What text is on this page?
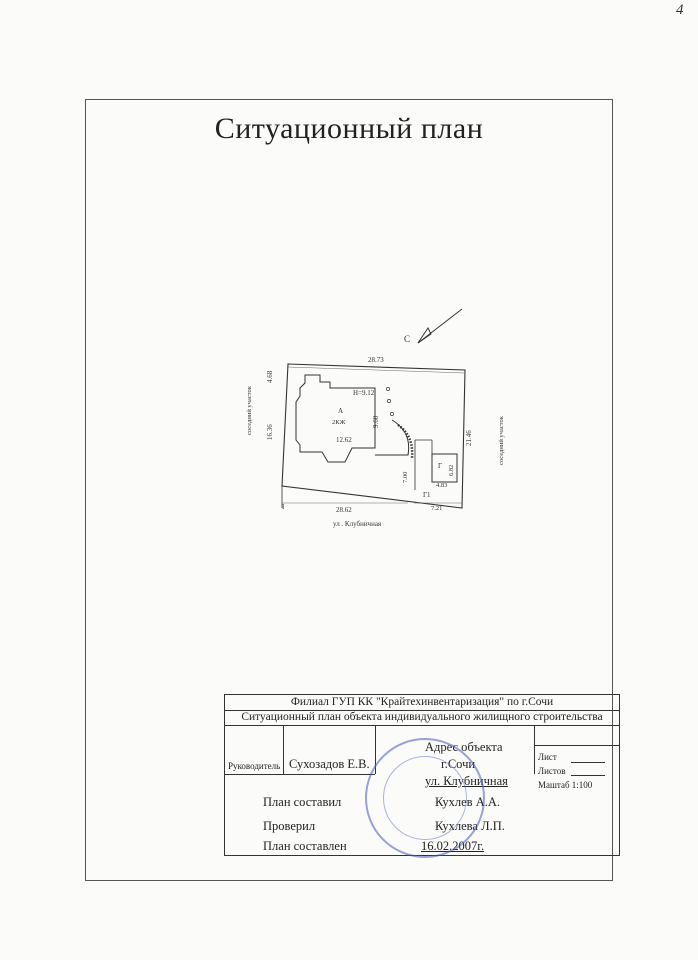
4
Ситуационный план
С
28.73
4.68
16.36
соседний участок
21.46	соседний участок
Н=9.12
А
2КЖ
12.62
9.60
Г 6.82
7.00
4.83
Г1
7.21
28.62
I
ул . Клубничная
Филиал ГУП КК "Крайтехинвентаризация" по г.Сочи
Ситуационный план объекта индивидуального жилищного строительства
Руководитель Сухозадов Е.В.
Адрес объекта
г.Сочи
ул. Клубничная
Лист
Листов
Маштаб 1:100
План составил	Кухлев А.А.
Проверил	Кухлева Л.П.
План составлен	16.02.2007г.
